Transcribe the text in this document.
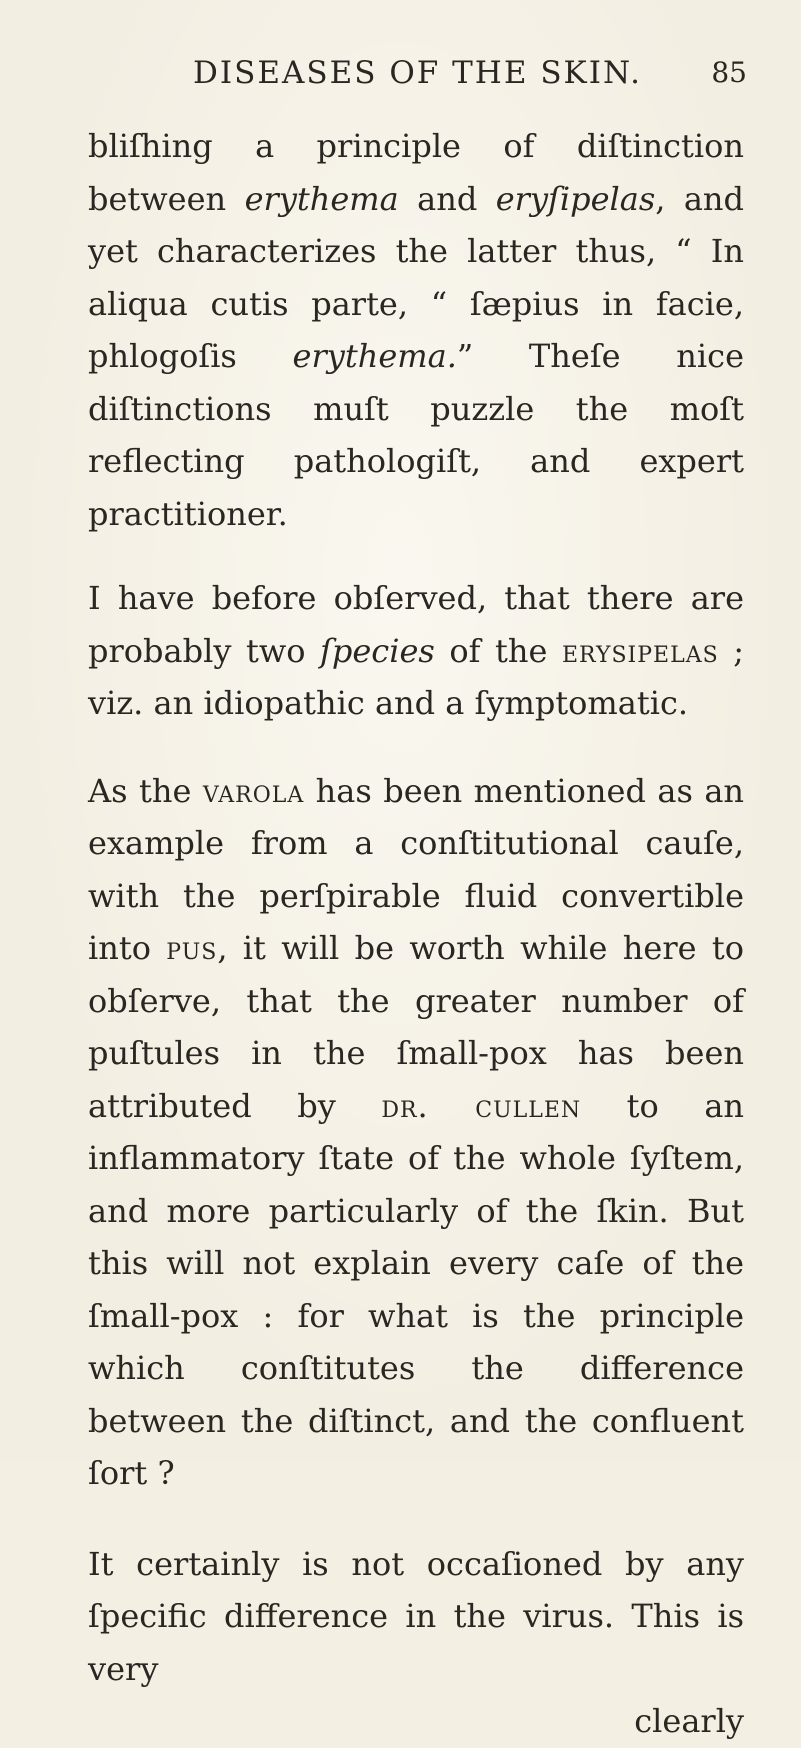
DISEASES OF THE SKIN.	85

bliſhing a principle of diſtinction between erythema and eryſipelas, and yet characterizes the latter thus, “ In aliqua cutis parte, “ ſæpius in facie, phlogoſis erythema.” Theſe nice diſtinctions muſt puzzle the moſt reflecting pathologiſt, and expert practitioner.

I have before obſerved, that there are probably two ſpecies of the erysipelas ; viz. an idiopathic and a ſymptomatic.

As the varola has been mentioned as an example from a conſtitutional cauſe, with the perſpirable fluid convertible into pus, it will be worth while here to obſerve, that the greater number of puſtules in the ſmall-pox has been attributed by dr. cullen to an inflammatory ſtate of the whole ſyſtem, and more particularly of the ſkin. But this will not explain every caſe of the ſmall-pox : for what is the principle which conſtitutes the difference between the diſtinct, and the confluent ſort ?

It certainly is not occaſioned by any ſpecific difference in the virus. This is very

clearly
